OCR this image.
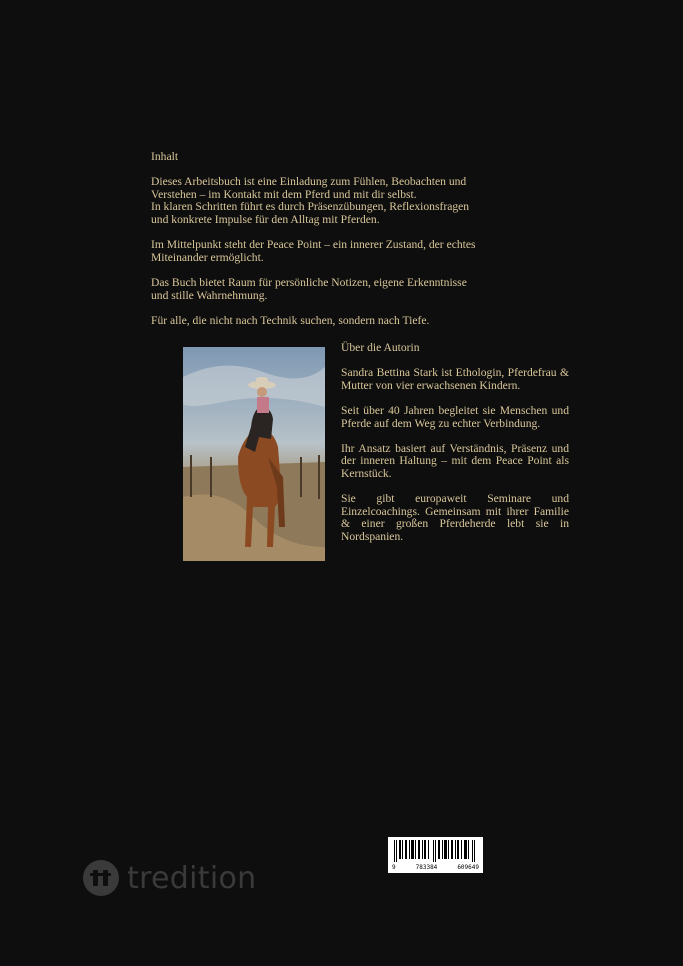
Inhalt

Dieses Arbeitsbuch ist eine Einladung zum Fühlen, Beobachten und
Verstehen – im Kontakt mit dem Pferd und mit dir selbst.
In klaren Schritten führt es durch Präsenzübungen, Reflexionsfragen
und konkrete Impulse für den Alltag mit Pferden.

Im Mittelpunkt steht der Peace Point – ein innerer Zustand, der echtes
Miteinander ermöglicht.

Das Buch bietet Raum für persönliche Notizen, eigene Erkenntnisse
und stille Wahrnehmung.

Für alle, die nicht nach Technik suchen, sondern nach Tiefe.

Über die Autorin

Sandra Bettina Stark ist Ethologin, Pferdefrau & Mutter von vier erwachsenen Kindern.

Seit über 40 Jahren begleitet sie Menschen und Pferde auf dem Weg zu echter Verbindung.

Ihr Ansatz basiert auf Verständnis, Präsenz und der inneren Haltung – mit dem Peace Point als Kernstück.

Sie gibt europaweit Seminare und Einzelcoachings. Gemeinsam mit ihrer Familie & einer großen Pferdeherde lebt sie in Nordspanien.

9	783384	609649
tredition
